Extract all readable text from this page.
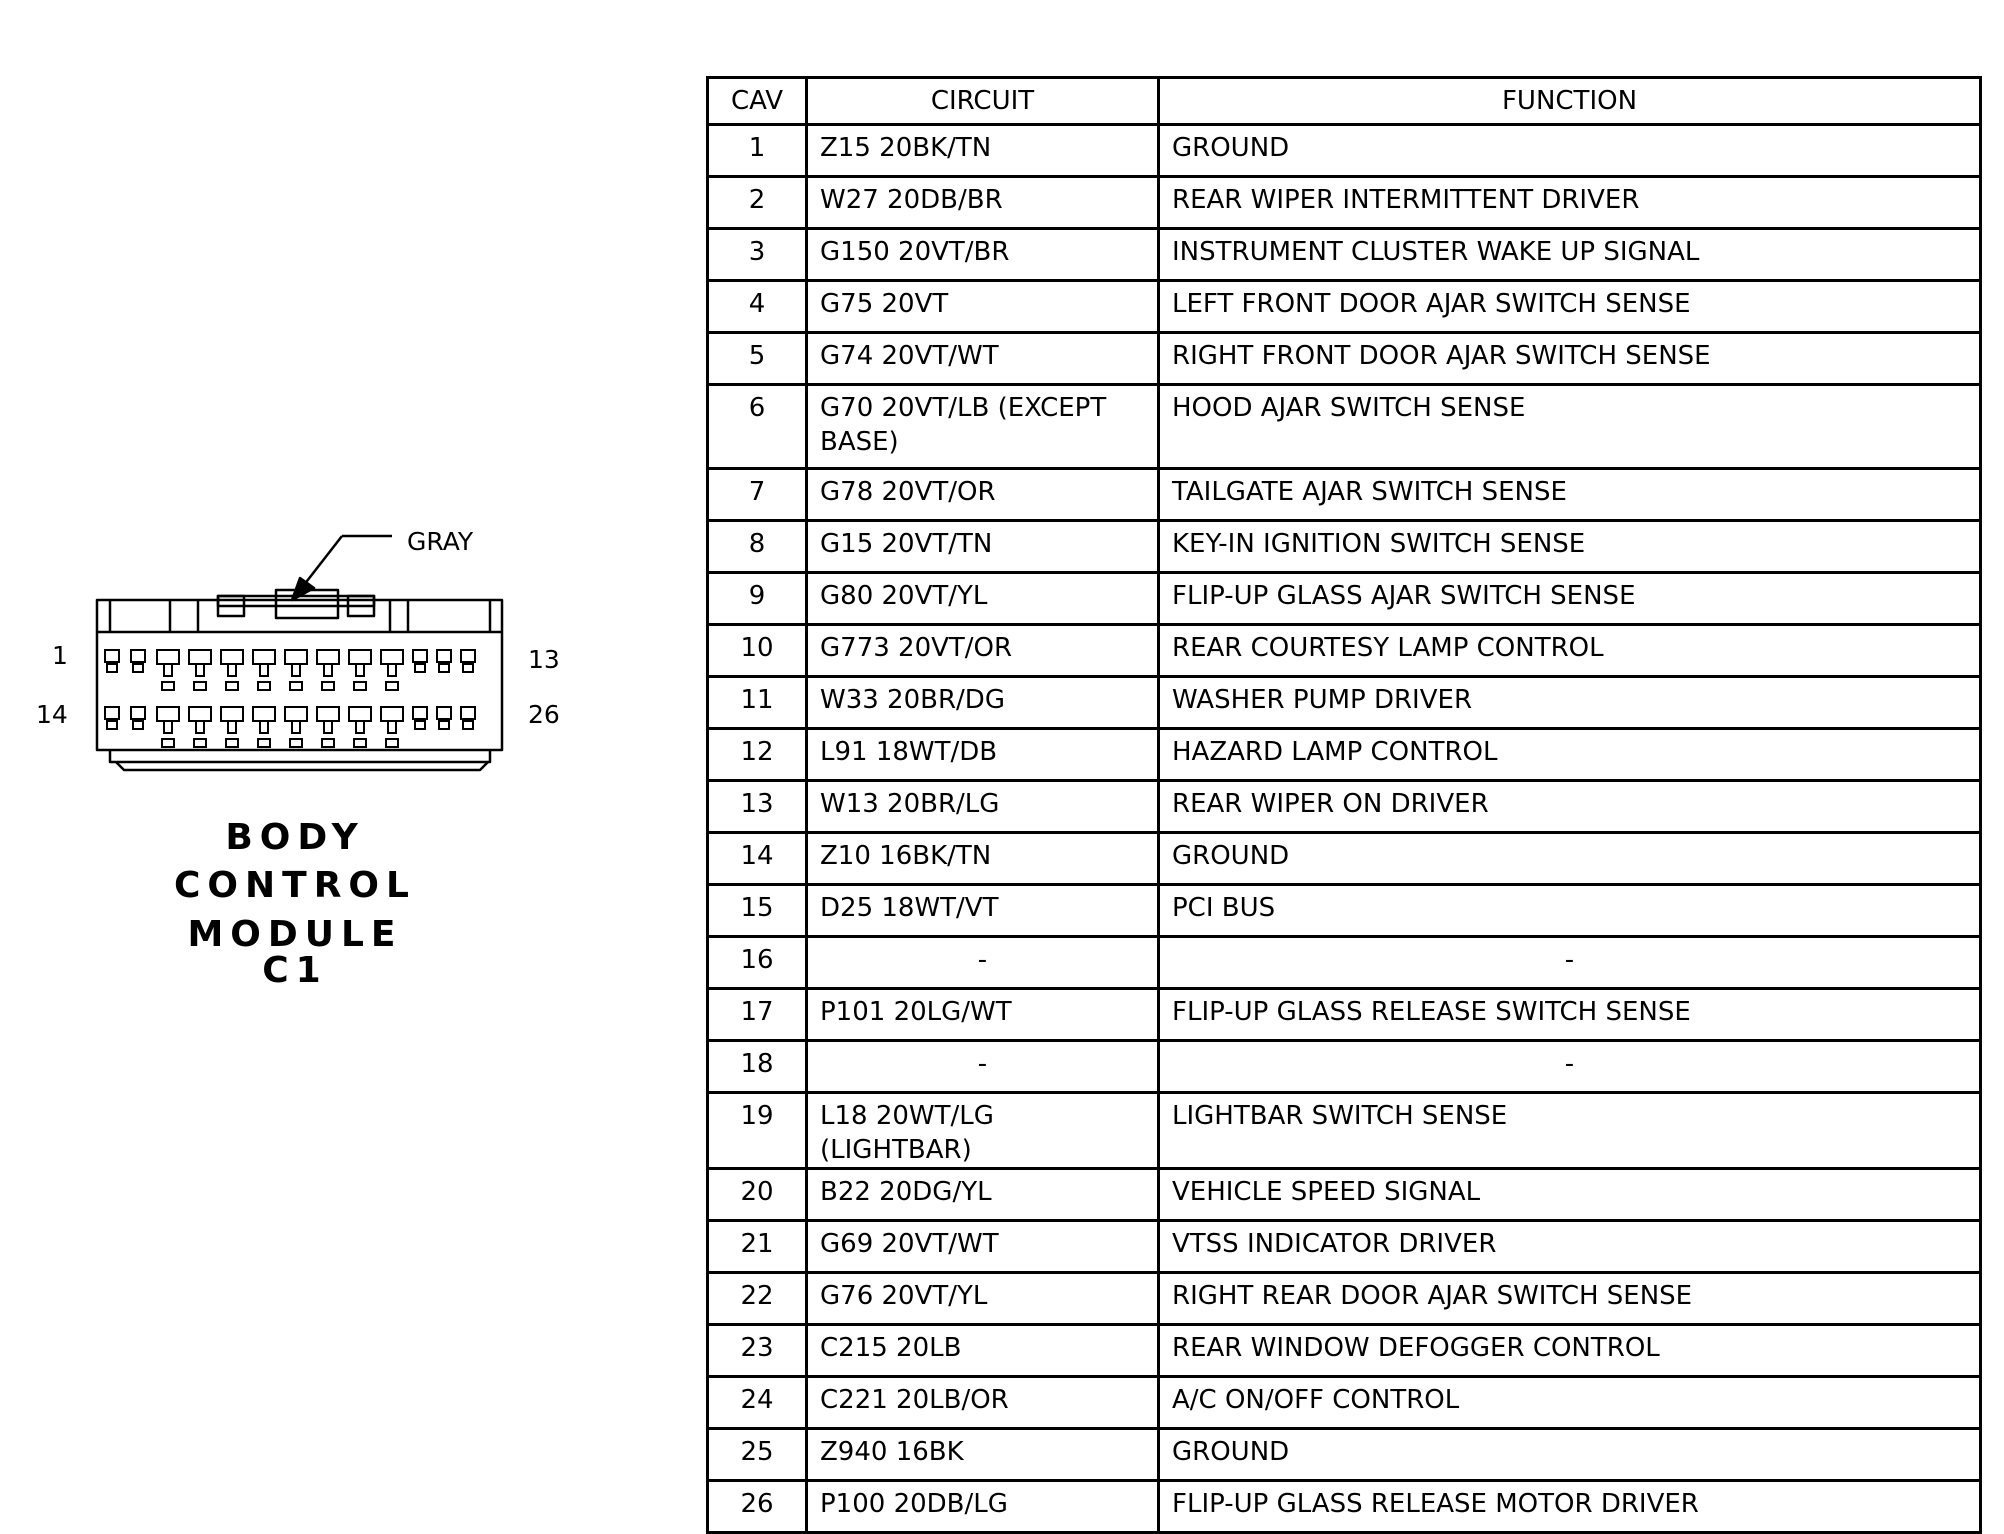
GRAY
1	13
14	26
BODY
CONTROL
MODULE C1
CAV	CIRCUIT	FUNCTION
1	Z15 20BK/TN	GROUND
2	W27 20DB/BR	REAR WIPER INTERMITTENT DRIVER
3	G150 20VT/BR	INSTRUMENT CLUSTER WAKE UP SIGNAL
4	G75 20VT	LEFT FRONT DOOR AJAR SWITCH SENSE
5	G74 20VT/WT	RIGHT FRONT DOOR AJAR SWITCH SENSE
6	G70 20VT/LB (EXCEPT BASE)	HOOD AJAR SWITCH SENSE
7	G78 20VT/OR	TAILGATE AJAR SWITCH SENSE
8	G15 20VT/TN	KEY-IN IGNITION SWITCH SENSE
9	G80 20VT/YL	FLIP-UP GLASS AJAR SWITCH SENSE
10	G773 20VT/OR	REAR COURTESY LAMP CONTROL
11	W33 20BR/DG	WASHER PUMP DRIVER
12	L91 18WT/DB	HAZARD LAMP CONTROL
13	W13 20BR/LG	REAR WIPER ON DRIVER
14	Z10 16BK/TN	GROUND
15	D25 18WT/VT	PCI BUS
16	-	-
17	P101 20LG/WT	FLIP-UP GLASS RELEASE SWITCH SENSE
18	-	-
19	L18 20WT/LG (LIGHTBAR)	LIGHTBAR SWITCH SENSE
20	B22 20DG/YL	VEHICLE SPEED SIGNAL
21	G69 20VT/WT	VTSS INDICATOR DRIVER
22	G76 20VT/YL	RIGHT REAR DOOR AJAR SWITCH SENSE
23	C215 20LB	REAR WINDOW DEFOGGER CONTROL
24	C221 20LB/OR	A/C ON/OFF CONTROL
25	Z940 16BK	GROUND
26	P100 20DB/LG	FLIP-UP GLASS RELEASE MOTOR DRIVER
